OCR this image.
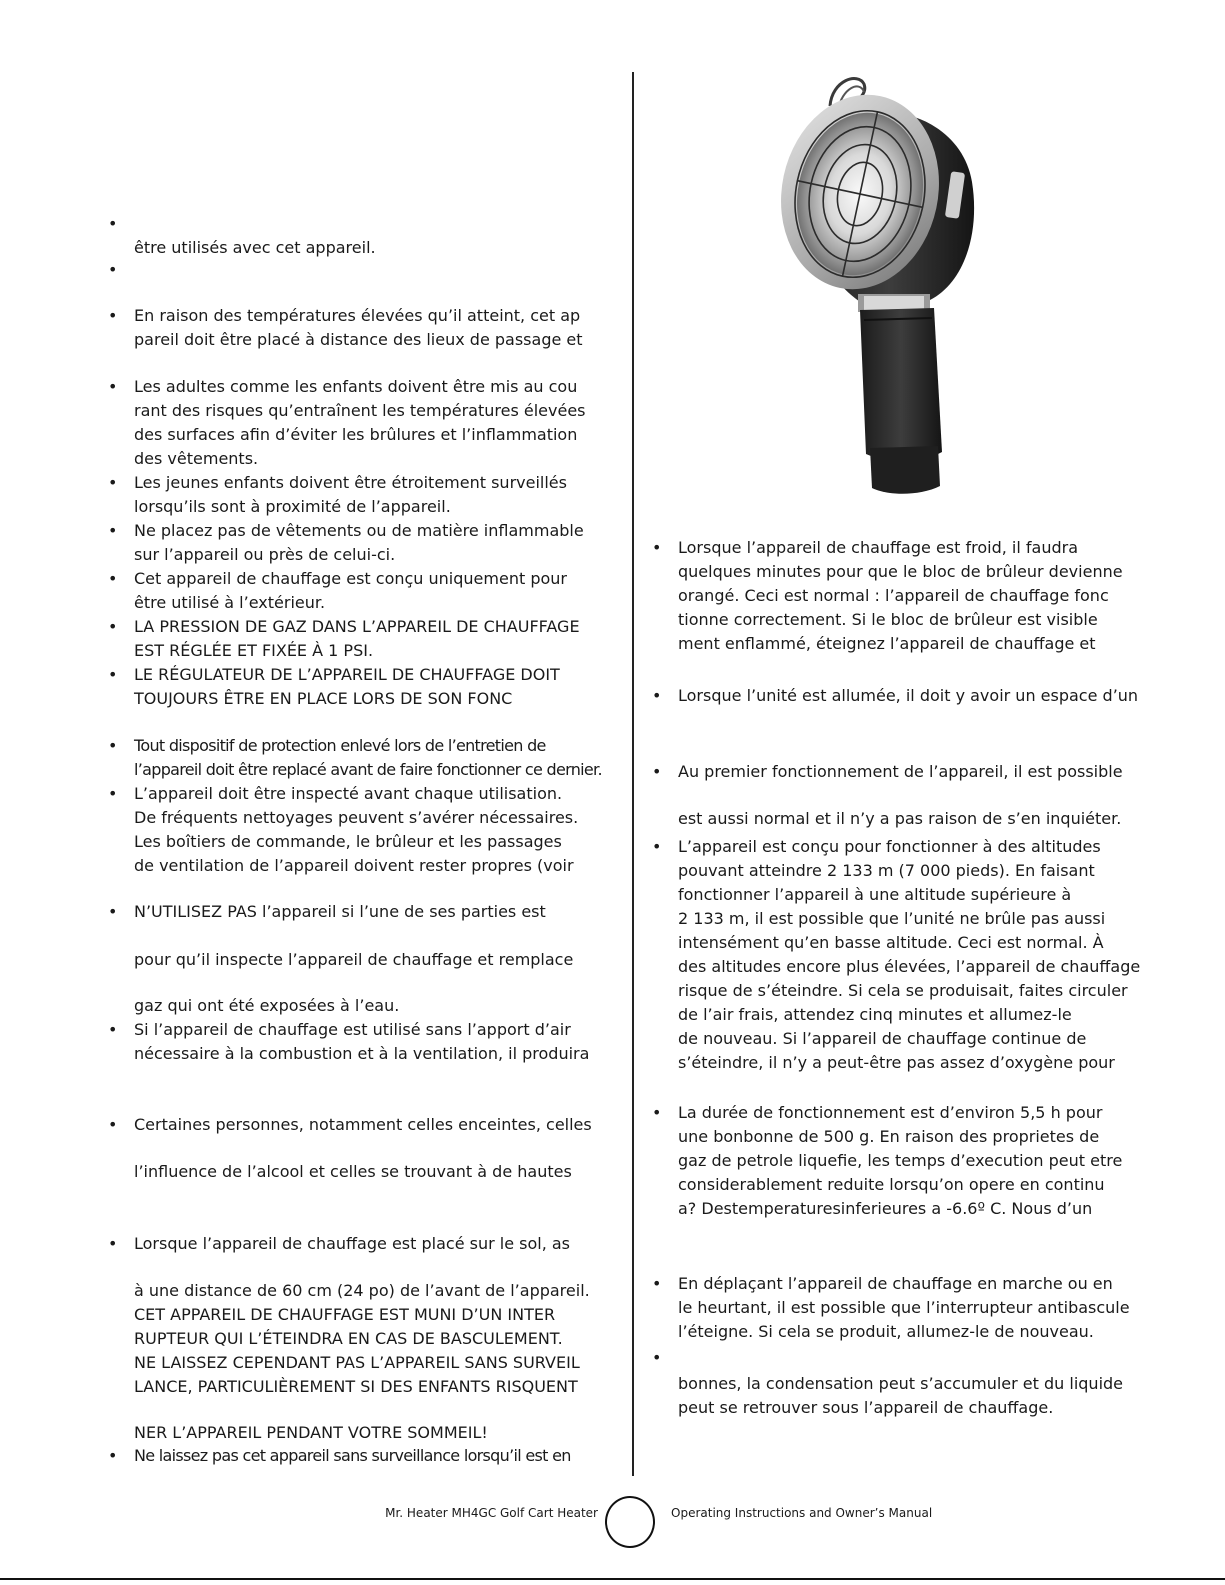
•
être utilisés avec cet appareil.
•
• En raison des températures élevées qu’il atteint, cet ap
pareil doit être placé à distance des lieux de passage et
• Les adultes comme les enfants doivent être mis au cou
rant des risques qu’entraînent les températures élevées
des surfaces afin d’éviter les brûlures et l’inflammation
des vêtements.
• Les jeunes enfants doivent être étroitement surveillés
lorsqu’ils sont à proximité de l’appareil.
• Ne placez pas de vêtements ou de matière inflammable
sur l’appareil ou près de celui-ci.
• Cet appareil de chauffage est conçu uniquement pour
être utilisé à l’extérieur.
• LA PRESSION DE GAZ DANS L’APPAREIL DE CHAUFFAGE
EST RÉGLÉE ET FIXÉE À 1 PSI.
• LE RÉGULATEUR DE L’APPAREIL DE CHAUFFAGE DOIT
TOUJOURS ÊTRE EN PLACE LORS DE SON FONC
• Tout dispositif de protection enlevé lors de l’entretien de
l’appareil doit être replacé avant de faire fonctionner ce dernier.
• L’appareil doit être inspecté avant chaque utilisation.
De fréquents nettoyages peuvent s’avérer nécessaires.
Les boîtiers de commande, le brûleur et les passages
de ventilation de l’appareil doivent rester propres (voir
• N’UTILISEZ PAS l’appareil si l’une de ses parties est
pour qu’il inspecte l’appareil de chauffage et remplace
gaz qui ont été exposées à l’eau.
• Si l’appareil de chauffage est utilisé sans l’apport d’air
nécessaire à la combustion et à la ventilation, il produira
• Certaines personnes, notamment celles enceintes, celles
l’influence de l’alcool et celles se trouvant à de hautes
• Lorsque l’appareil de chauffage est placé sur le sol, as
à une distance de 60 cm (24 po) de l’avant de l’appareil.
CET APPAREIL DE CHAUFFAGE EST MUNI D’UN INTER
RUPTEUR QUI L’ÉTEINDRA EN CAS DE BASCULEMENT.
NE LAISSEZ CEPENDANT PAS L’APPAREIL SANS SURVEIL
LANCE, PARTICULIÈREMENT SI DES ENFANTS RISQUENT
NER L’APPAREIL PENDANT VOTRE SOMMEIL!
• Ne laissez pas cet appareil sans surveillance lorsqu’il est en
• Lorsque l’appareil de chauffage est froid, il faudra
quelques minutes pour que le bloc de brûleur devienne
orangé. Ceci est normal : l’appareil de chauffage fonc
tionne correctement. Si le bloc de brûleur est visible
ment enflammé, éteignez l’appareil de chauffage et
• Lorsque l’unité est allumée, il doit y avoir un espace d’un
• Au premier fonctionnement de l’appareil, il est possible
est aussi normal et il n’y a pas raison de s’en inquiéter.
• L’appareil est conçu pour fonctionner à des altitudes
pouvant atteindre 2 133 m (7 000 pieds). En faisant
fonctionner l’appareil à une altitude supérieure à
2 133 m, il est possible que l’unité ne brûle pas aussi
intensément qu’en basse altitude. Ceci est normal. À
des altitudes encore plus élevées, l’appareil de chauffage
risque de s’éteindre. Si cela se produisait, faites circuler
de l’air frais, attendez cinq minutes et allumez-le
de nouveau. Si l’appareil de chauffage continue de
s’éteindre, il n’y a peut-être pas assez d’oxygène pour
• La durée de fonctionnement est d’environ 5,5 h pour
une bonbonne de 500 g. En raison des proprietes de
gaz de petrole liquefie, les temps d’execution peut etre
considerablement reduite lorsqu’on opere en continu
a? Destemperaturesinferieures a -6.6º C. Nous d’un
• En déplaçant l’appareil de chauffage en marche ou en
le heurtant, il est possible que l’interrupteur antibascule
l’éteigne. Si cela se produit, allumez-le de nouveau.
•
bonnes, la condensation peut s’accumuler et du liquide
peut se retrouver sous l’appareil de chauffage.
Mr. Heater MH4GC Golf Cart Heater	Operating Instructions and Owner’s Manual
